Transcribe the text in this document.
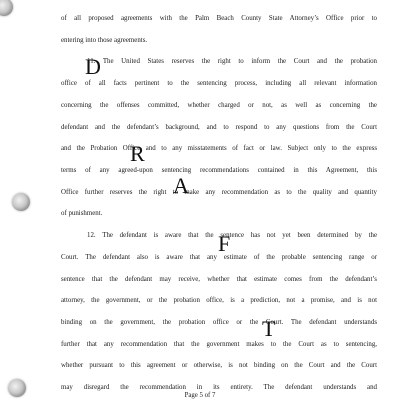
of all proposed agreements with the Palm Beach County State Attorney’s Office prior to
entering into those agreements.
11. The United States reserves the right to inform the Court and the probation
office of all facts pertinent to the sentencing process, including all relevant information
concerning the offenses committed, whether charged or not, as well as concerning the
defendant and the defendant’s background, and to respond to any questions from the Court
and the Probation Office and to any misstatements of fact or law. Subject only to the express
terms of any agreed-upon sentencing recommendations contained in this Agreement, this
Office further reserves the right to make any recommendation as to the quality and quantity
of punishment.
12. The defendant is aware that the sentence has not yet been determined by the
Court. The defendant also is aware that any estimate of the probable sentencing range or
sentence that the defendant may receive, whether that estimate comes from the defendant’s
attorney, the government, or the probation office, is a prediction, not a promise, and is not
binding on the government, the probation office or the Court. The defendant understands
further that any recommendation that the government makes to the Court as to sentencing,
whether pursuant to this agreement or otherwise, is not binding on the Court and the Court
may disregard the recommendation in its entirety. The defendant understands and
D
R
A
F
T
Page 5 of 7
